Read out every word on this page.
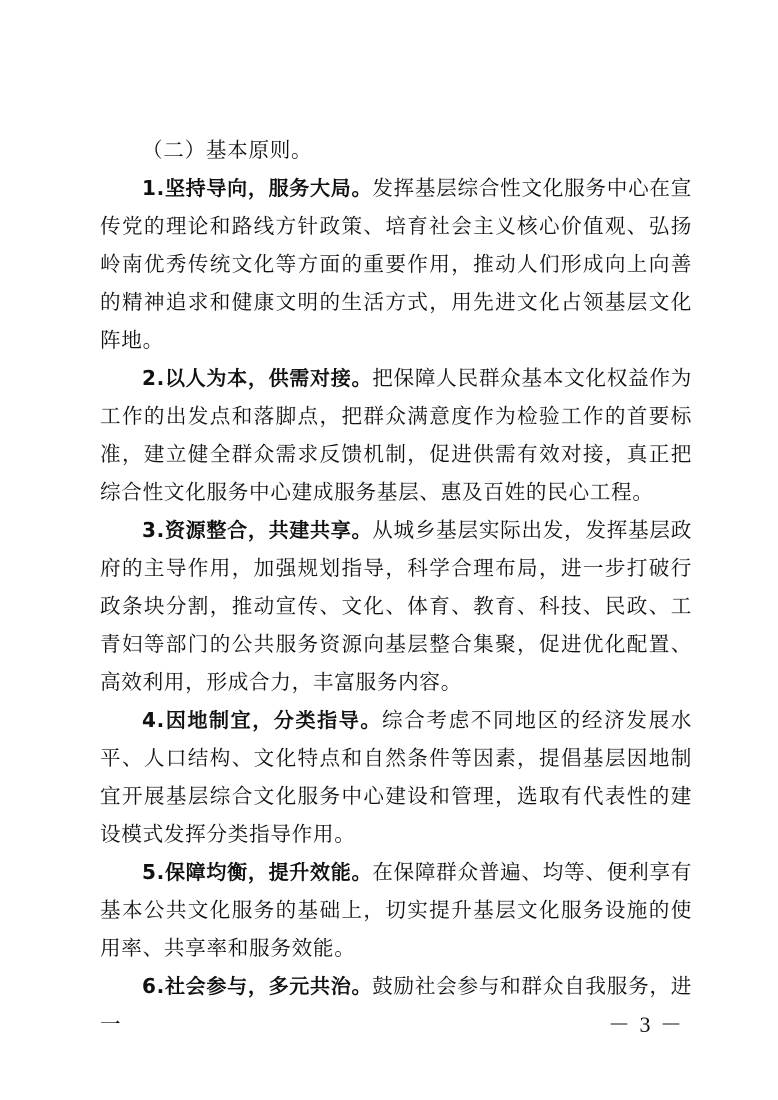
（二）基本原则。

1.坚持导向，服务大局。发挥基层综合性文化服务中心在宣传党的理论和路线方针政策、培育社会主义核心价值观、弘扬岭南优秀传统文化等方面的重要作用，推动人们形成向上向善的精神追求和健康文明的生活方式，用先进文化占领基层文化阵地。

2.以人为本，供需对接。把保障人民群众基本文化权益作为工作的出发点和落脚点，把群众满意度作为检验工作的首要标准，建立健全群众需求反馈机制，促进供需有效对接，真正把综合性文化服务中心建成服务基层、惠及百姓的民心工程。

3.资源整合，共建共享。从城乡基层实际出发，发挥基层政府的主导作用，加强规划指导，科学合理布局，进一步打破行政条块分割，推动宣传、文化、体育、教育、科技、民政、工青妇等部门的公共服务资源向基层整合集聚，促进优化配置、高效利用，形成合力，丰富服务内容。

4.因地制宜，分类指导。综合考虑不同地区的经济发展水平、人口结构、文化特点和自然条件等因素，提倡基层因地制宜开展基层综合文化服务中心建设和管理，选取有代表性的建设模式发挥分类指导作用。

5.保障均衡，提升效能。在保障群众普遍、均等、便利享有基本公共文化服务的基础上，切实提升基层文化服务设施的使用率、共享率和服务效能。

6.社会参与，多元共治。鼓励社会参与和群众自我服务，进一	－ 3 －
